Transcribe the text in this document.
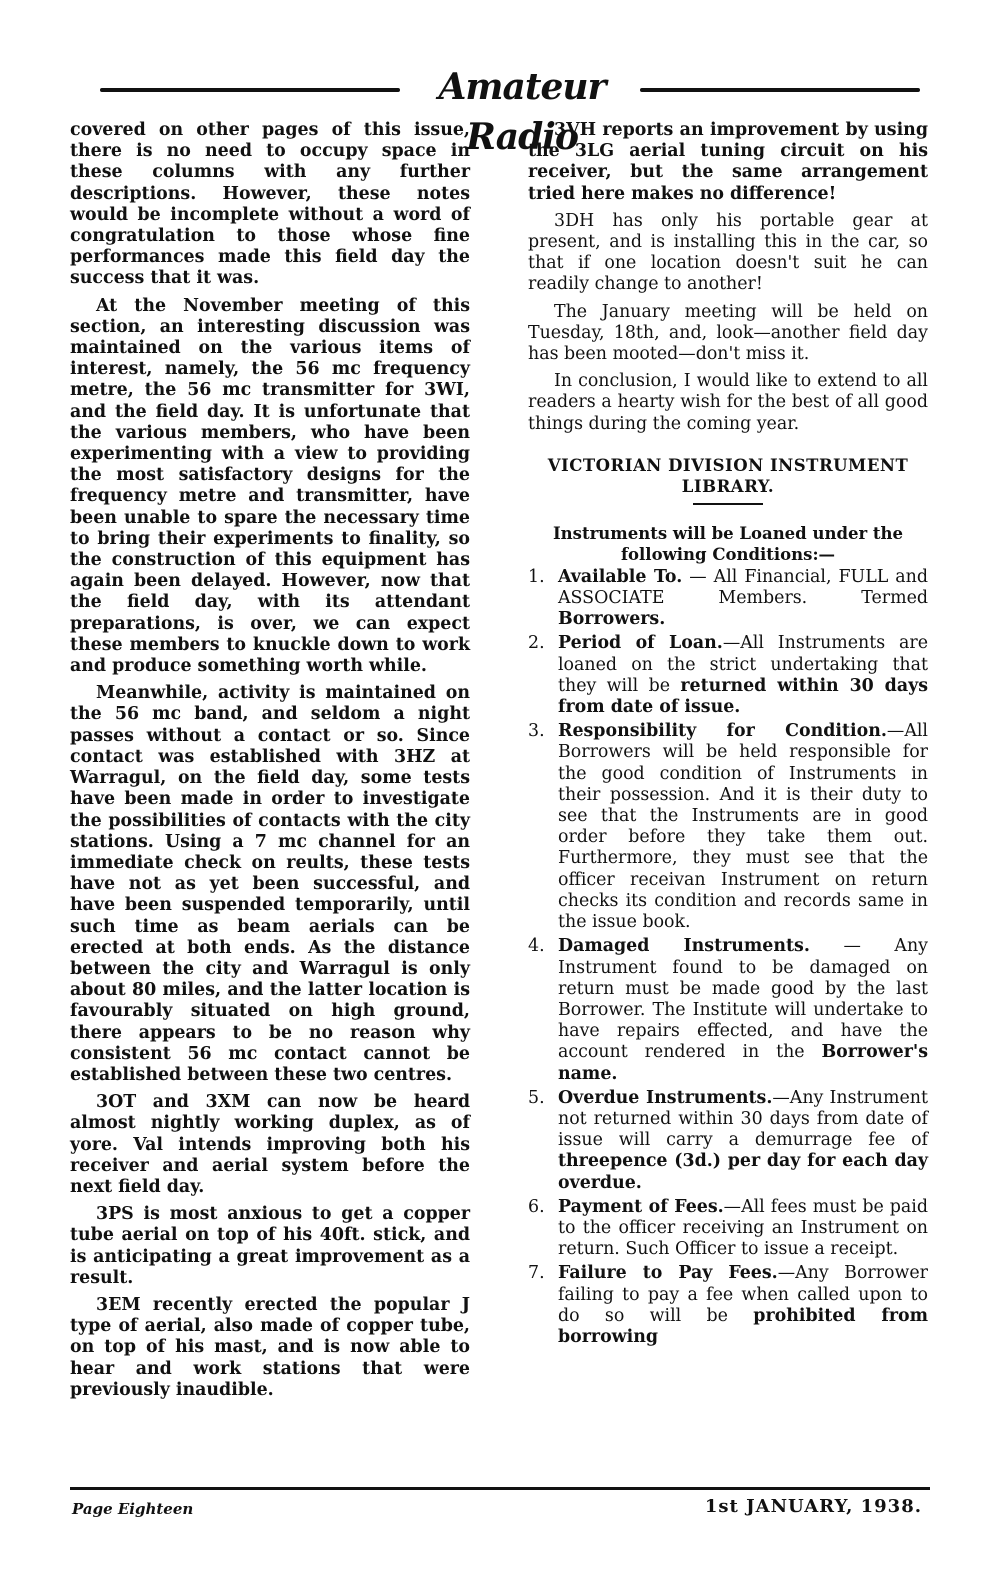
Amateur Radio

covered on other pages of this issue, there is no need to occupy space in these columns with any further descriptions. However, these notes would be incomplete without a word of congratulation to those whose fine performances made this field day the success that it was.

At the November meeting of this section, an interesting discussion was maintained on the various items of interest, namely, the 56 mc frequency metre, the 56 mc transmitter for 3WI, and the field day. It is unfortunate that the various members, who have been experimenting with a view to providing the most satisfactory designs for the frequency metre and transmitter, have been unable to spare the necessary time to bring their experiments to finality, so the construction of this equipment has again been delayed. However, now that the field day, with its attendant preparations, is over, we can expect these members to knuckle down to work and produce something worth while.

Meanwhile, activity is maintained on the 56 mc band, and seldom a night passes without a contact or so. Since contact was established with 3HZ at Warragul, on the field day, some tests have been made in order to investigate the possibilities of contacts with the city stations. Using a 7 mc channel for an immediate check on reults, these tests have not as yet been successful, and have been suspended temporarily, until such time as beam aerials can be erected at both ends. As the distance between the city and Warragul is only about 80 miles, and the latter location is favourably situated on high ground, there appears to be no reason why consistent 56 mc contact cannot be established between these two centres.

3OT and 3XM can now be heard almost nightly working duplex, as of yore. Val intends improving both his receiver and aerial system before the next field day.

3PS is most anxious to get a copper tube aerial on top of his 40ft. stick, and is anticipating a great improvement as a result.

3EM recently erected the popular J type of aerial, also made of copper tube, on top of his mast, and is now able to hear and work stations that were previously inaudible.

3VH reports an improvement by using the 3LG aerial tuning circuit on his receiver, but the same arrangement tried here makes no difference!

3DH has only his portable gear at present, and is installing this in the car, so that if one location doesn't suit he can readily change to another!

The January meeting will be held on Tuesday, 18th, and, look—another field day has been mooted—don't miss it.

In conclusion, I would like to extend to all readers a hearty wish for the best of all good things during the coming year.

VICTORIAN DIVISION INSTRUMENT LIBRARY.
Instruments will be Loaned under the following Conditions:—
1. Available To. — All Financial, FULL and ASSOCIATE Members. Termed Borrowers.
2. Period of Loan.—All Instruments are loaned on the strict undertaking that they will be returned within 30 days from date of issue.
3. Responsibility for Condition.—All Borrowers will be held responsible for the good condition of Instruments in their possession. And it is their duty to see that the Instruments are in good order before they take them out. Furthermore, they must see that the officer receivan Instrument on return checks its condition and records same in the issue book.
4. Damaged Instruments. — Any Instrument found to be damaged on return must be made good by the last Borrower. The Institute will undertake to have repairs effected, and have the account rendered in the Borrower's name.
5. Overdue Instruments.—Any Instrument not returned within 30 days from date of issue will carry a demurrage fee of threepence (3d.) per day for each day overdue.
6. Payment of Fees.—All fees must be paid to the officer receiving an Instrument on return. Such Officer to issue a receipt.
7. Failure to Pay Fees.—Any Borrower failing to pay a fee when called upon to do so will be prohibited from borrowing
Page Eighteen	1st JANUARY, 1938.
